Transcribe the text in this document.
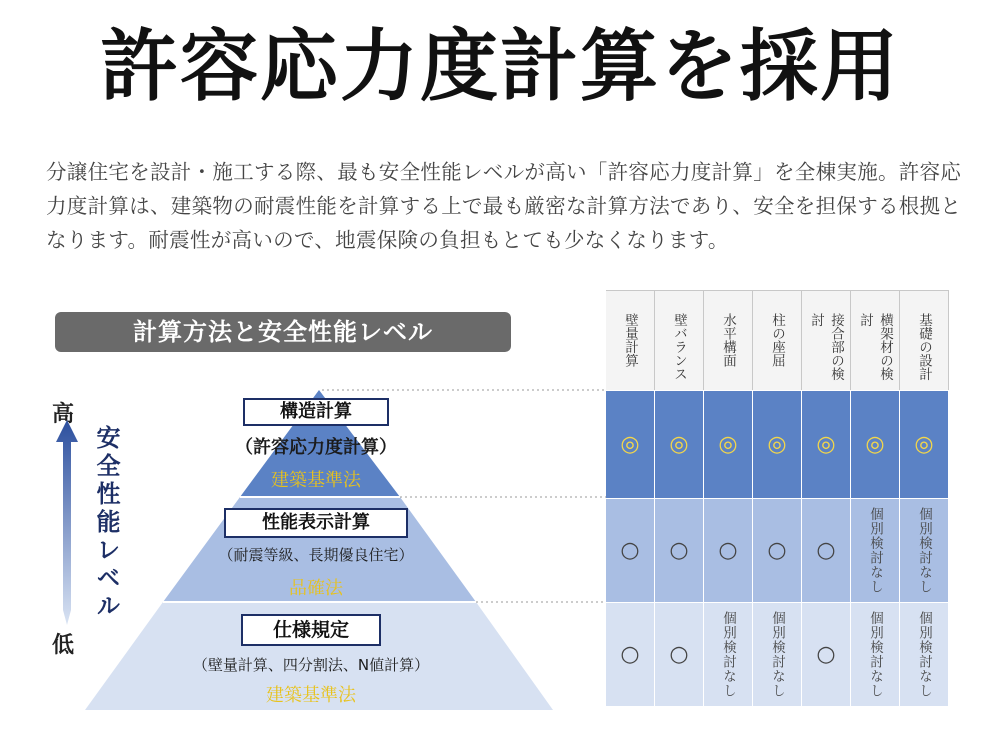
許容応力度計算を採用

分譲住宅を設計・施工する際、最も安全性能レベルが高い「許容応力度計算」を全棟実施。許容応力度計算は、建築物の耐震性能を計算する上で最も厳密な計算方法であり、安全を担保する根拠となります。耐震性が高いので、地震保険の負担もとても少なくなります。

計算方法と安全性能レベル
高
安全性能レベル
低
構造計算
（許容応力度計算）
建築基準法
性能表示計算
（耐震等級、長期優良住宅）
品確法
仕様規定
（壁量計算、四分割法、N値計算）
建築基準法
壁量計算
◎
○
○
壁バランス
◎
○
○
水平構面
◎
○
個別検討なし
柱の座屈
◎
○
個別検討なし
接合部の検討
◎
○
○
横架材の検討
◎
個別検討なし
個別検討なし
基礎の設計
◎
個別検討なし
個別検討なし
